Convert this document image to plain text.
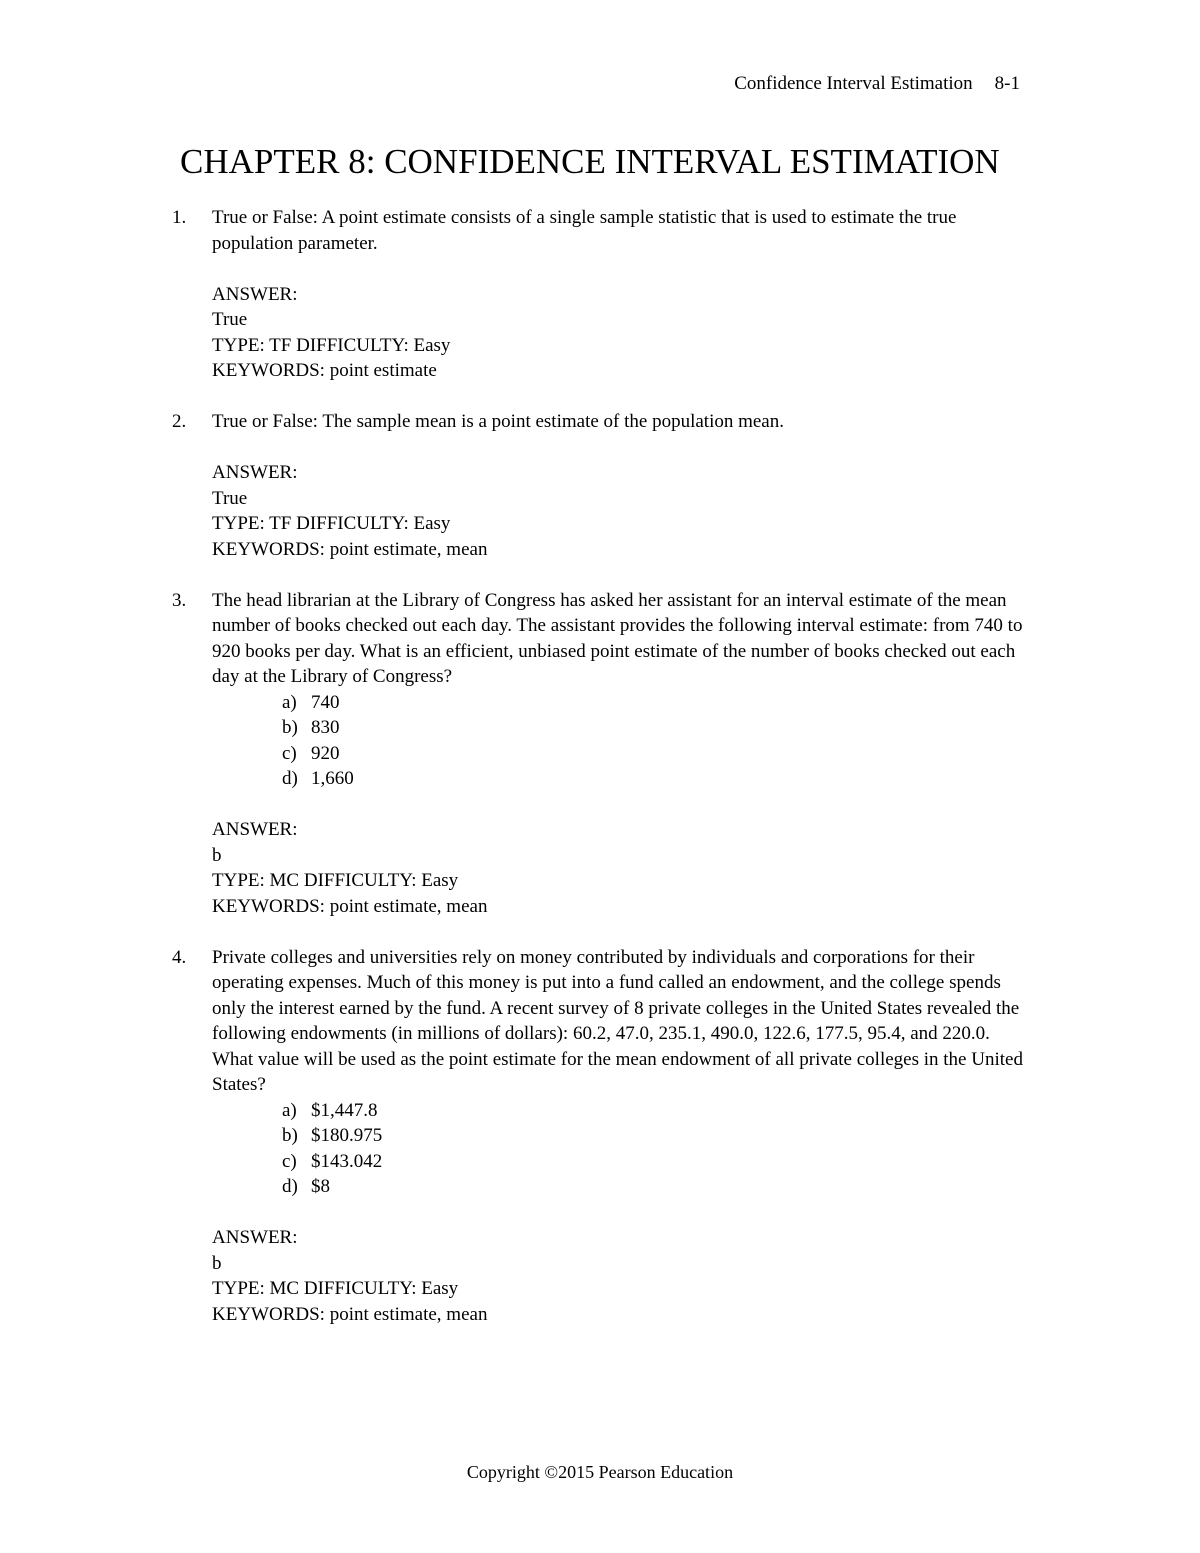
Confidence Interval Estimation 8-1
CHAPTER 8: CONFIDENCE INTERVAL ESTIMATION
1. True or False: A point estimate consists of a single sample statistic that is used to estimate the true population parameter.

ANSWER:
True
TYPE: TF DIFFICULTY: Easy
KEYWORDS: point estimate
2. True or False: The sample mean is a point estimate of the population mean.

ANSWER:
True
TYPE: TF DIFFICULTY: Easy
KEYWORDS: point estimate, mean
3. The head librarian at the Library of Congress has asked her assistant for an interval estimate of the mean number of books checked out each day. The assistant provides the following interval estimate: from 740 to 920 books per day. What is an efficient, unbiased point estimate of the number of books checked out each day at the Library of Congress?

a) 740
b) 830
c) 920
d) 1,660
ANSWER:
b
TYPE: MC DIFFICULTY: Easy
KEYWORDS: point estimate, mean
4. Private colleges and universities rely on money contributed by individuals and corporations for their operating expenses. Much of this money is put into a fund called an endowment, and the college spends only the interest earned by the fund. A recent survey of 8 private colleges in the United States revealed the following endowments (in millions of dollars): 60.2, 47.0, 235.1, 490.0, 122.6, 177.5, 95.4, and 220.0. What value will be used as the point estimate for the mean endowment of all private colleges in the United States?

a) $1,447.8
b) $180.975
c) $143.042
d) $8
ANSWER:
b
TYPE: MC DIFFICULTY: Easy
KEYWORDS: point estimate, mean
Copyright ©2015 Pearson Education
